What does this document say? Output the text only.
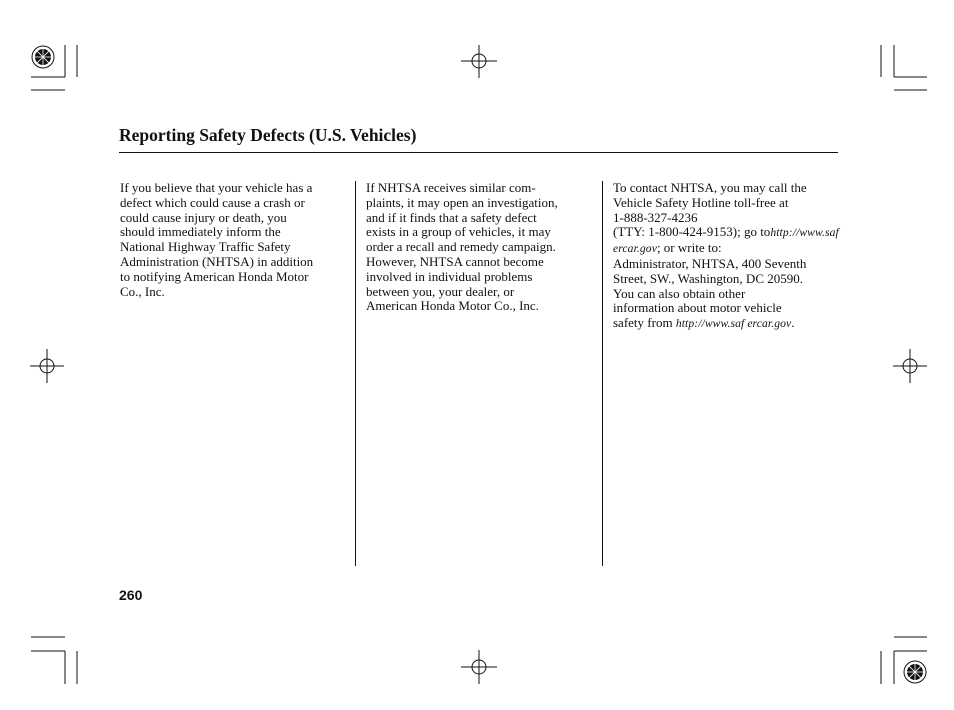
Reporting Safety Defects (U.S. Vehicles)

If you believe that your vehicle has a
defect which could cause a crash or
could cause injury or death, you
should immediately inform the
National Highway Traffic Safety
Administration (NHTSA) in addition
to notifying American Honda Motor
Co., Inc.

If NHTSA receives similar com-
plaints, it may open an investigation,
and if it finds that a safety defect
exists in a group of vehicles, it may
order a recall and remedy campaign.
However, NHTSA cannot become
involved in individual problems
between you, your dealer, or
American Honda Motor Co., Inc.

To contact NHTSA, you may call the
Vehicle Safety Hotline toll-free at
1-888-327-4236
(TTY: 1-800-424-9153); go tohttp://www.saf ercar.gov; or write to:
Administrator, NHTSA, 400 Seventh
Street, SW., Washington, DC 20590.
You can also obtain other
information about motor vehicle
safety from http://www.saf ercar.gov.

260
